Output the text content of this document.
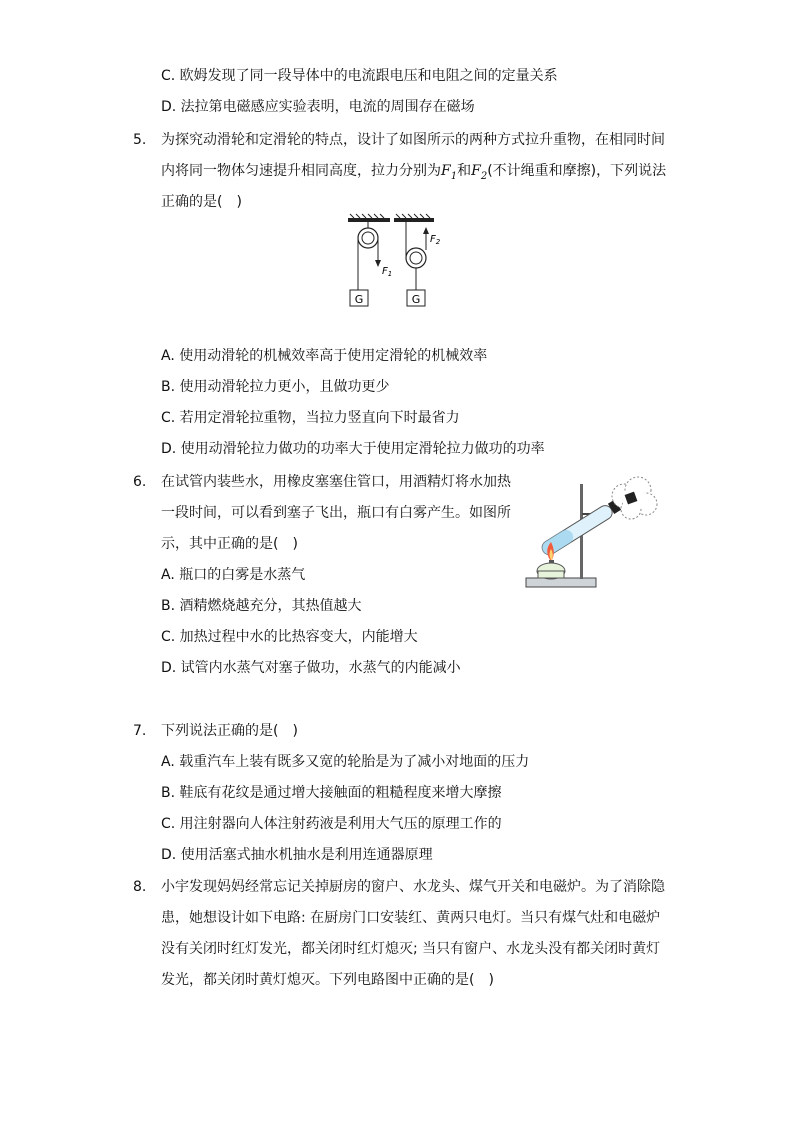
C. 欧姆发现了同一段导体中的电流跟电压和电阻之间的定量关系
D. 法拉第电磁感应实验表明，电流的周围存在磁场
5. 为探究动滑轮和定滑轮的特点，设计了如图所示的两种方式拉升重物，在相同时间
内将同一物体匀速提升相同高度，拉力分别为$F_1$和$F_2$(不计绳重和摩擦)，下列说法
正确的是(　)
G	G
$F_1$
$F_2$
A. 使用动滑轮的机械效率高于使用定滑轮的机械效率
B. 使用动滑轮拉力更小，且做功更少
C. 若用定滑轮拉重物，当拉力竖直向下时最省力
D. 使用动滑轮拉力做功的功率大于使用定滑轮拉力做功的功率
6. 在试管内装些水，用橡皮塞塞住管口，用酒精灯将水加热
一段时间，可以看到塞子飞出，瓶口有白雾产生。如图所
示，其中正确的是(　)
A. 瓶口的白雾是水蒸气
B. 酒精燃烧越充分，其热值越大
C. 加热过程中水的比热容变大，内能增大
D. 试管内水蒸气对塞子做功，水蒸气的内能减小
7. 下列说法正确的是(　)
A. 载重汽车上装有既多又宽的轮胎是为了减小对地面的压力
B. 鞋底有花纹是通过增大接触面的粗糙程度来增大摩擦
C. 用注射器向人体注射药液是利用大气压的原理工作的
D. 使用活塞式抽水机抽水是利用连通器原理
8. 小宇发现妈妈经常忘记关掉厨房的窗户、水龙头、煤气开关和电磁炉。为了消除隐
患，她想设计如下电路: 在厨房门口安装红、黄两只电灯。当只有煤气灶和电磁炉
没有关闭时红灯发光，都关闭时红灯熄灭; 当只有窗户、水龙头没有都关闭时黄灯
发光，都关闭时黄灯熄灭。下列电路图中正确的是(　)
